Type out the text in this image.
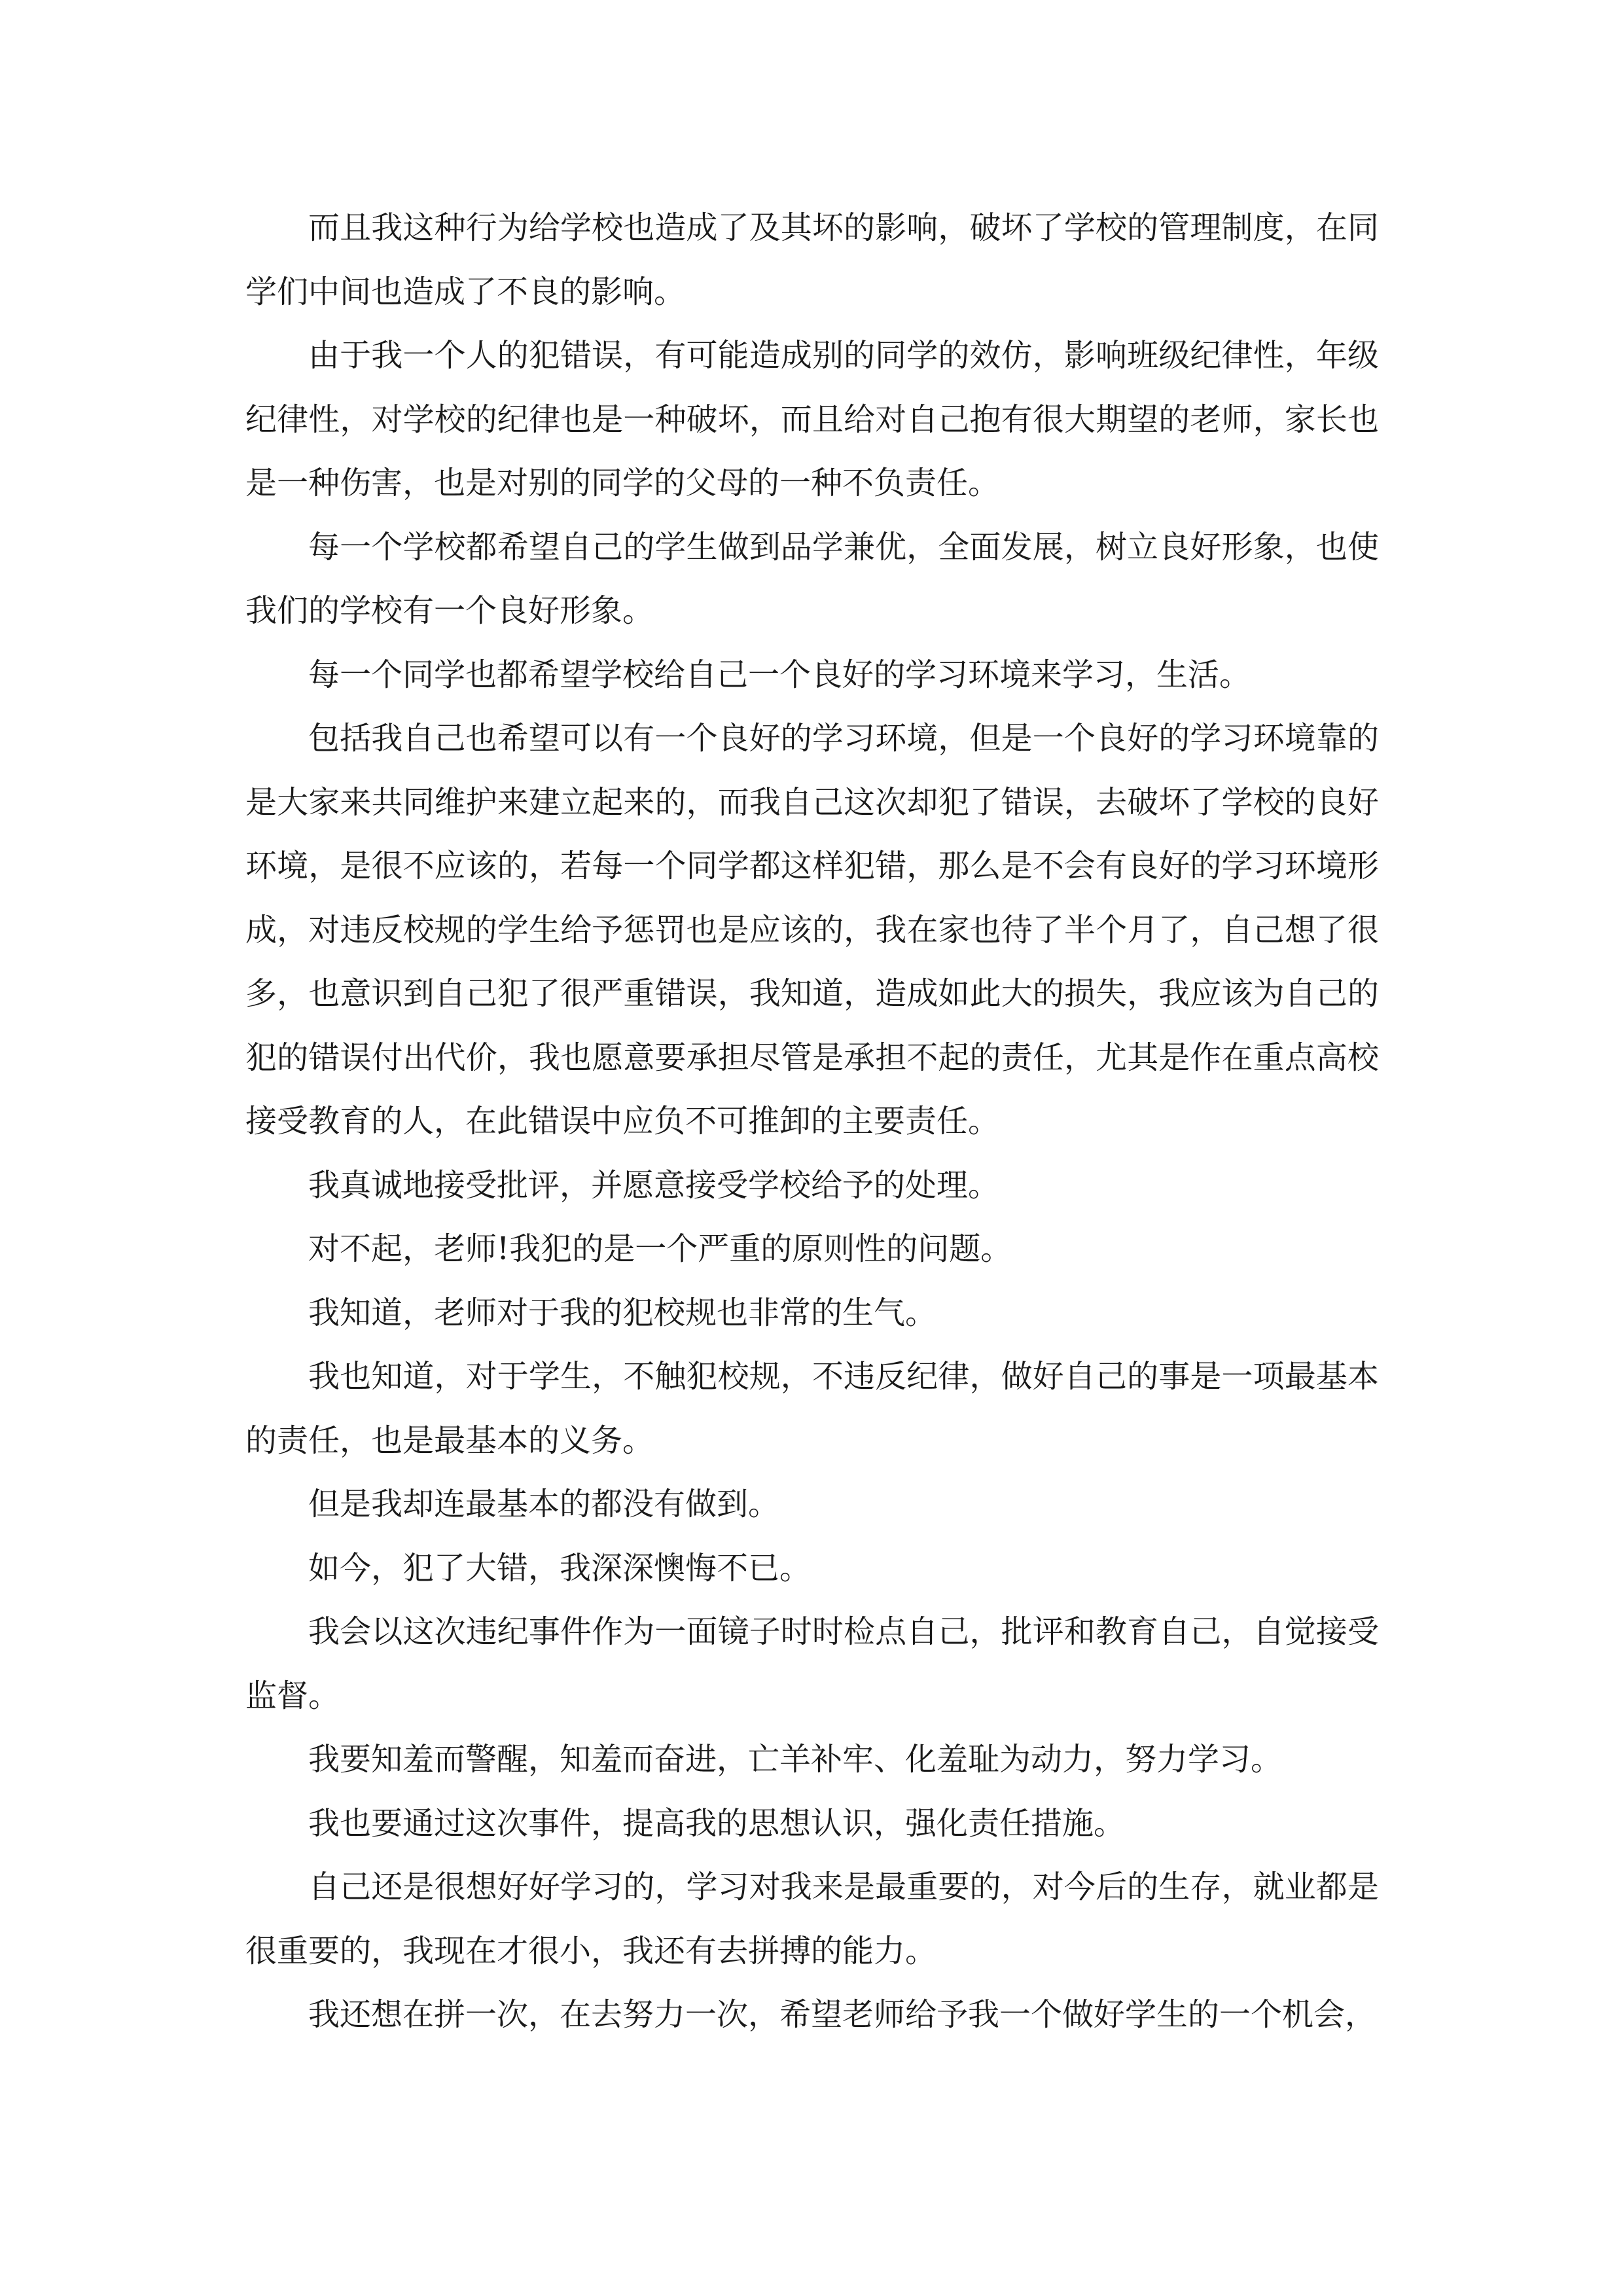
而且我这种行为给学校也造成了及其坏的影响，破坏了学校的管理制度，在同学们中间也造成了不良的影响。

由于我一个人的犯错误，有可能造成别的同学的效仿，影响班级纪律性，年级纪律性，对学校的纪律也是一种破坏，而且给对自己抱有很大期望的老师，家长也是一种伤害，也是对别的同学的父母的一种不负责任。

每一个学校都希望自己的学生做到品学兼优，全面发展，树立良好形象，也使我们的学校有一个良好形象。

每一个同学也都希望学校给自己一个良好的学习环境来学习，生活。

包括我自己也希望可以有一个良好的学习环境，但是一个良好的学习环境靠的是大家来共同维护来建立起来的，而我自己这次却犯了错误，去破坏了学校的良好环境，是很不应该的，若每一个同学都这样犯错，那么是不会有良好的学习环境形成，对违反校规的学生给予惩罚也是应该的，我在家也待了半个月了，自己想了很多，也意识到自己犯了很严重错误，我知道，造成如此大的损失，我应该为自己的犯的错误付出代价，我也愿意要承担尽管是承担不起的责任，尤其是作在重点高校接受教育的人，在此错误中应负不可推卸的主要责任。

我真诚地接受批评，并愿意接受学校给予的处理。

对不起，老师!我犯的是一个严重的原则性的问题。

我知道，老师对于我的犯校规也非常的生气。

我也知道，对于学生，不触犯校规，不违反纪律，做好自己的事是一项最基本的责任，也是最基本的义务。

但是我却连最基本的都没有做到。

如今，犯了大错，我深深懊悔不已。

我会以这次违纪事件作为一面镜子时时检点自己，批评和教育自己，自觉接受监督。

我要知羞而警醒，知羞而奋进，亡羊补牢、化羞耻为动力，努力学习。

我也要通过这次事件，提高我的思想认识，强化责任措施。

自己还是很想好好学习的，学习对我来是最重要的，对今后的生存，就业都是很重要的，我现在才很小，我还有去拼搏的能力。

我还想在拼一次，在去努力一次，希望老师给予我一个做好学生的一个机会，
